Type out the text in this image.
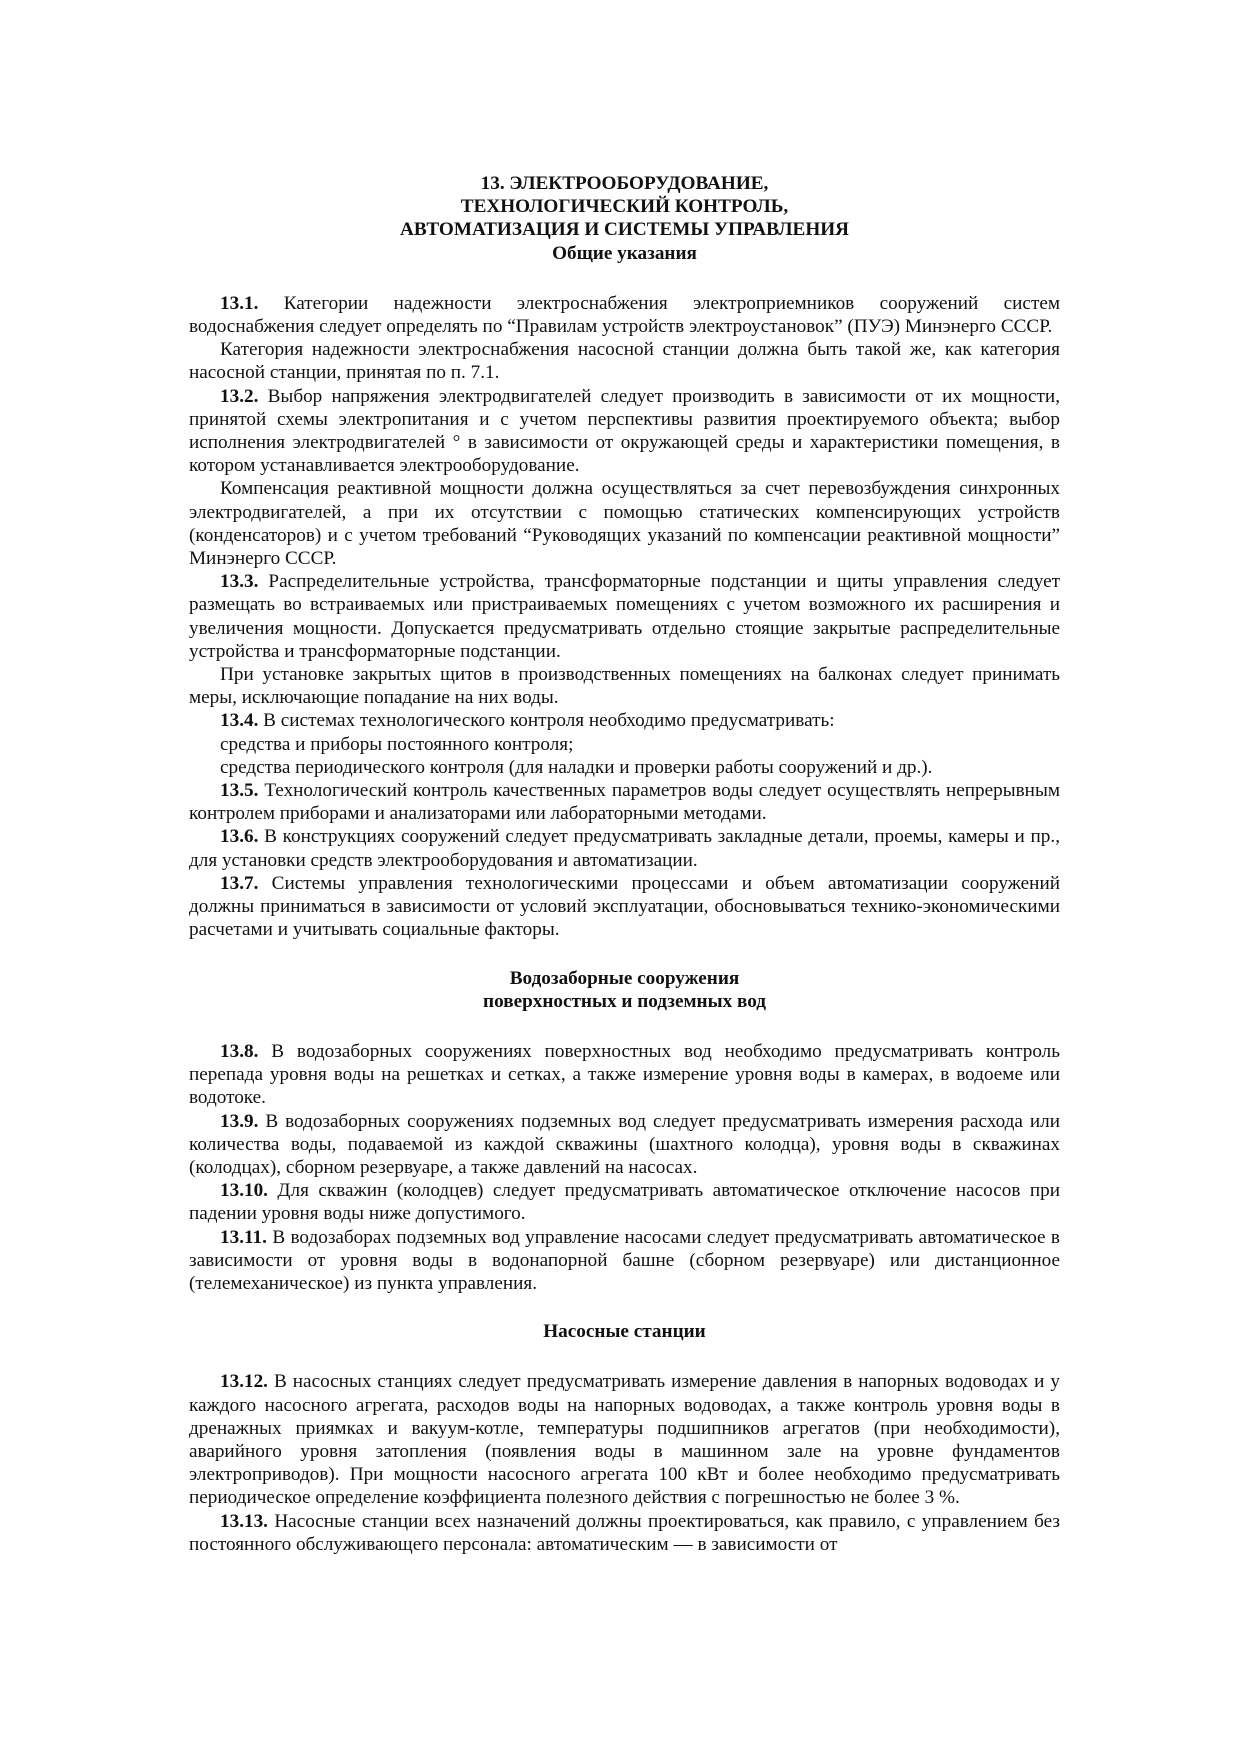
13. ЭЛЕКТРООБОРУДОВАНИЕ,
ТЕХНОЛОГИЧЕСКИЙ КОНТРОЛЬ,
АВТОМАТИЗАЦИЯ И СИСТЕМЫ УПРАВЛЕНИЯ
Общие указания

13.1. Категории надежности электроснабжения электроприемников сооружений систем водоснабжения следует определять по “Правилам устройств электроустановок” (ПУЭ) Минэнерго СССР.

Категория надежности электроснабжения насосной станции должна быть такой же, как категория насосной станции, принятая по п. 7.1.

13.2. Выбор напряжения электродвигателей следует производить в зависимости от их мощности, принятой схемы электропитания и с учетом перспективы развития проектируемого объекта; выбор исполнения электродвигателей ° в зависимости от окружающей среды и характеристики помещения, в котором устанавливается электрооборудование.

Компенсация реактивной мощности должна осуществляться за счет перевозбуждения синхронных электродвигателей, а при их отсутствии с помощью статических компенсирующих устройств (конденсаторов) и с учетом требований “Руководящих указаний по компенсации реактивной мощности” Минэнерго СССР.

13.3. Распределительные устройства, трансформаторные подстанции и щиты управления следует размещать во встраиваемых или пристраиваемых помещениях с учетом возможного их расширения и увеличения мощности. Допускается предусматривать отдельно стоящие закрытые распределительные устройства и трансформаторные подстанции.

При установке закрытых щитов в производственных помещениях на балконах следует принимать меры, исключающие попадание на них воды.

13.4. В системах технологического контроля необходимо предусматривать:

средства и приборы постоянного контроля;

средства периодического контроля (для наладки и проверки работы сооружений и др.).

13.5. Технологический контроль качественных параметров воды следует осуществлять непрерывным контролем приборами и анализаторами или лабораторными методами.

13.6. В конструкциях сооружений следует предусматривать закладные детали, проемы, камеры и пр., для установки средств электрооборудования и автоматизации.

13.7. Системы управления технологическими процессами и объем автоматизации сооружений должны приниматься в зависимости от условий эксплуатации, обосновываться технико-экономическими расчетами и учитывать социальные факторы.

Водозаборные сооружения
поверхностных и подземных вод

13.8. В водозаборных сооружениях поверхностных вод необходимо предусматривать контроль перепада уровня воды на решетках и сетках, а также измерение уровня воды в камерах, в водоеме или водотоке.

13.9. В водозаборных сооружениях подземных вод следует предусматривать измерения расхода или количества воды, подаваемой из каждой скважины (шахтного колодца), уровня воды в скважинах (колодцах), сборном резервуаре, а также давлений на насосах.

13.10. Для скважин (колодцев) следует предусматривать автоматическое отключение насосов при падении уровня воды ниже допустимого.

13.11. В водозаборах подземных вод управление насосами следует предусматривать автоматическое в зависимости от уровня воды в водонапорной башне (сборном резервуаре) или дистанционное (телемеханическое) из пункта управления.

Насосные станции

13.12. В насосных станциях следует предусматривать измерение давления в напорных водоводах и у каждого насосного агрегата, расходов воды на напорных водоводах, а также контроль уровня воды в дренажных приямках и вакуум-котле, температуры подшипников агрегатов (при необходимости), аварийного уровня затопления (появления воды в машинном зале на уровне фундаментов электроприводов). При мощности насосного агрегата 100 кВт и более необходимо предусматривать периодическое определение коэффициента полезного действия с погрешностью не более 3 %.

13.13. Насосные станции всех назначений должны проектироваться, как правило, с управлением без постоянного обслуживающего персонала: автоматическим — в зависимости от
